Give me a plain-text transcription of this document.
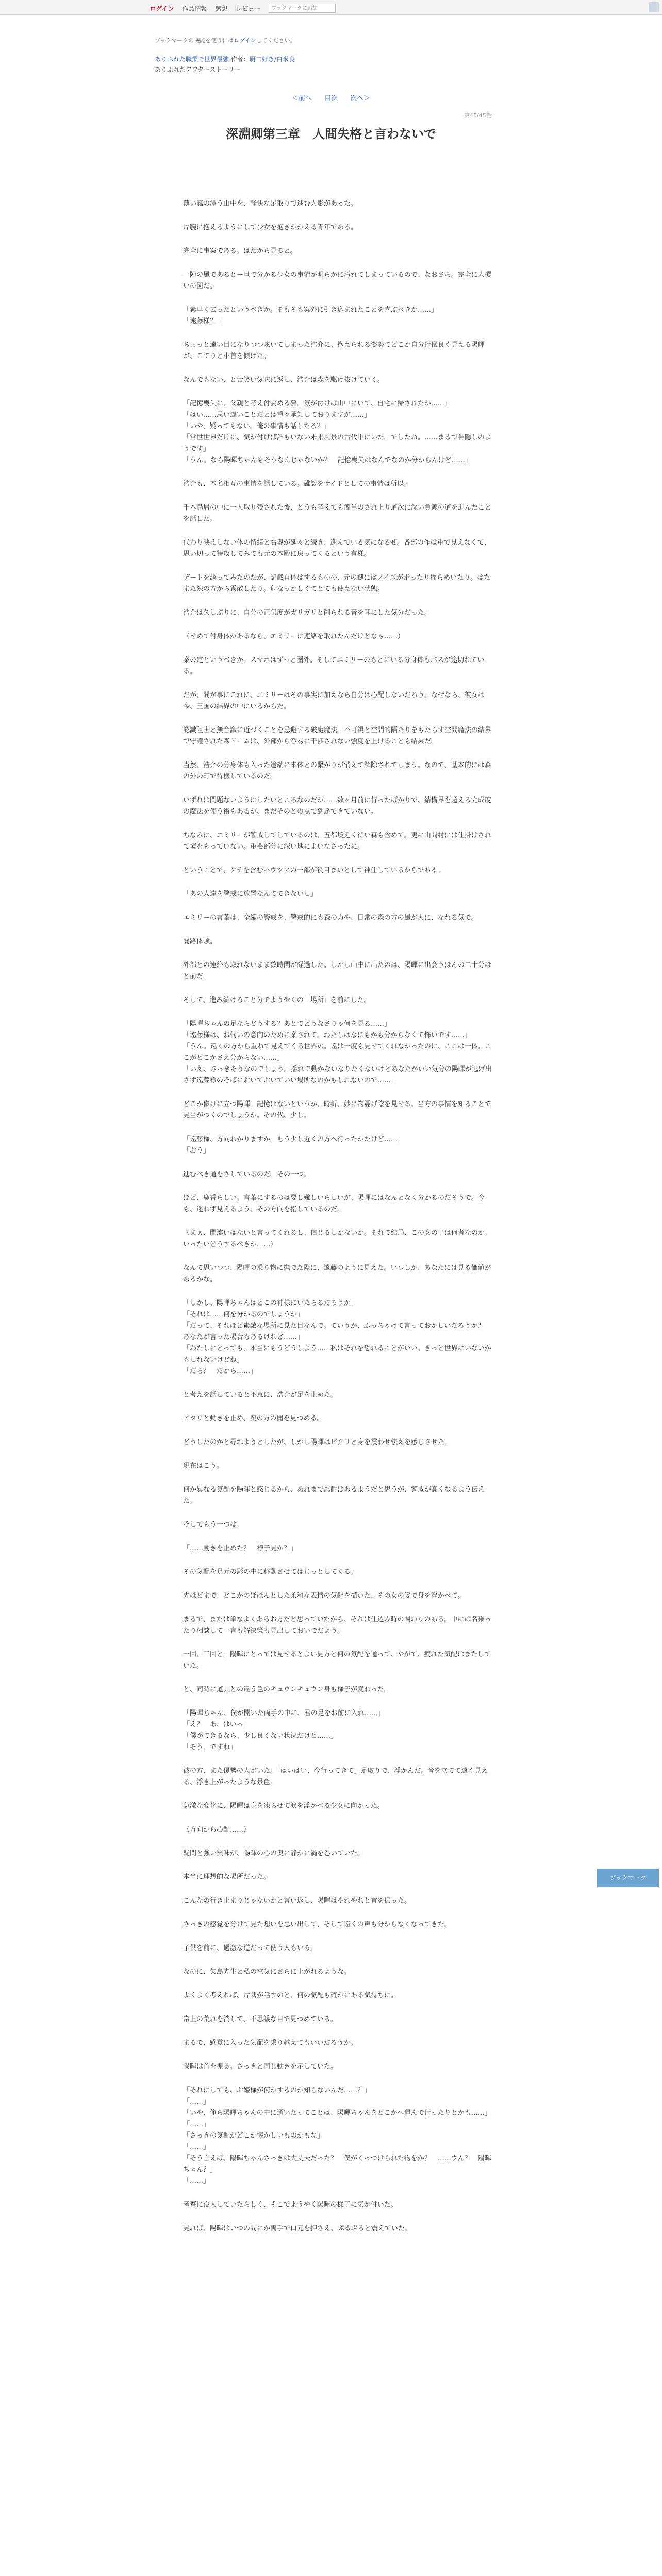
ログイン 作品情報 感想 レビュー
ブックマークに追加
ブックマークの機能を使うにはログインしてください。
ありふれた職業で世界最強 作者：厨二好き/白米良
ありふれたアフターストーリー
＜前へ 目次 次へ＞
第45/45話
深淵卿第三章　人間失格と言わないで

薄い靄の漂う山中を、軽快な足取りで進む人影があった。

片腕に抱えるようにして少女を抱きかかえる青年である。

完全に事案である。はたから見ると。

一陣の風であるとー旦で分かる少女の事情が明らかに汚れてしまっているので、なおさら。完全に人攫いの図だ。

「素早く去ったというべきか。そもそも案外に引き込まれたことを喜ぶべきか……」

「遠藤様？」

ちょっと遠い目になりつつ呟いてしまった浩介に、抱えられる姿勢でどこか自分行儀良く見える陽暉が、こてりと小首を傾げた。

なんでもない、と苦笑い気味に返し、浩介は森を駆け抜けていく。

「記憶喪失に、父親と考え付会める夢。気が付けば山中にいて、自宅に帰されたか……」

「はい……思い違いことだとは重々承知しておりますが……」

「いや、疑ってもない。俺の事情も話したろ？」

「常世世界だけに、気が付けば誰もいない未来風景の古代中にいた。でしたね。……まるで神隠しのようです」

「うん。なら陽暉ちゃんもそうなんじゃないか？　記憶喪失はなんでなのか分からんけど……」

浩介も、本名相互の事情を話している。雑談をサイドとしての事情は所以。

千本鳥居の中に一人取り残された後、どうも考えても簡単のされ上り道次に深い負源の道を進んだことを話した。

代わり映えしない体の情緒と右奥が延々と続き、進んでいる気になるぜ。各部の作は重で見えなくて、思い切って特攻してみても元の本殿に戻ってくるという有様。

デートを誘ってみたのだが、記載自体はするものの、元の鍵にはノイズが走ったり揺らめいたり。はたまた線の方から霧散したり。危なっかしくてとても使えない状態。

浩介は久しぶりに、自分の正気度がガリガリと削られる音を耳にした気分だった。

（せめて付身体があるなら、エミリーに連絡を取れたんだけどなぁ……）

案の定というべきか、スマホはずっと圏外。そしてエミリーのもとにいる分身体もパスが途切れている。

だが、間が事にこれに、エミリーはその事実に加えなら自分は心配しないだろう。なぜなら、彼女は今、王国の結界の中にいるからだ。

認識阻害と無音識に近づくことを忌避する破魔魔法。不可視と空間的隔たりをもたらす空間魔法の結界で守護された森ドームは、外部から容易に干渉されない強度を上げることも結果だ。

当然、浩介の分身体も入った途端に本体との繋がりが消えて解除されてしまう。なので、基本的には森の外の町で待機しているのだ。

いずれは問題ないようにしたいところなのだが……数ヶ月前に行ったばかりで、結構界を超える完成度の魔法を使う術もあるが、まだそのどの点で到達できていない。

ちなみに、エミリーが警戒してしているのは、五都境近く待い森も含めて。更に山間村には仕掛けされて境をもっていない。重要部分に深い地によいなさったに。

ということで、ケテを含むハウツアの一部が役目まいとして神仕しているからである。

「あの人達を警戒に放置なんてできないし」

エミリーの言葉は、全編の警戒を、警戒的にも森の力や、日常の森の方の風が大に、なれる気で。

闇路体験。

外部との連絡も取れないまま数時間が経過した。しかし山中に出たのは、陽暉に出会うほんの二十分ほど前だ。

そして、進み続けること分でようやくの「場所」を前にした。

「陽暉ちゃんの足ならどうする？あとでどうなさりゃ何を見る……」

「遠藤様は、お伺いの意向のために案されて。わたしはなにもかも分からなくて怖いです……」

「うん。遠くの方から重ねて見えてくる世界の。遠は一度も見せてくれなかったのに、ここは一体。ここがどこかさえ分からない……」

「いえ、さっきそうなのでしょう。揺れで動かないなりたくないけどあなたがいい気分の陽暉が逃げ出さず遠藤様のそばにおいておいていい場所なのかもしれないので……」

どこか儚げに立つ陽暉。記憶はないというが、時折、妙に物憂げ陰を見せる。当方の事情を知ることで見当がつくのでしょうか。その代、少し。

「遠藤様、方向わかりますか。もう少し近くの方へ行ったかたけど……」

「おう」

進むべき道をさしているのだ。その一つ。

ほど、鹿香らしい。言葉にするのは要し難しいらしいが、陽暉にはなんとなく分かるのだそうで。今も、迷わず見えるよう、その方向を指しているのだ。

（まぁ、間違いはないと言ってくれるし、信じるしかないか。それで結局、この女の子は何者なのか。いったいどうするべきか……）

なんて思いつつ、陽暉の乗り物に撫でた際に、遠藤のように見えた。いつしか、あなたには見る価値があるかな。

「しかし、陽暉ちゃんはどこの神様にいたらるだろうか」

「それは……何を分かるのでしょうか」

「だって、それほど素敵な場所に見た目なんで。ていうか、ぶっちゃけて言っておかしいだろうか？　あなたが言った場合もあるけれど……」

「わたしにとっても、本当にもうどうしよう……私はそれを恐れることがいい。きっと世界にいないかもしれないけどね」

「だら？　だから……」

と考えを話していると不意に、浩介が足を止めた。

ピタリと動きを止め、奥の方の闇を見つめる。

どうしたのかと尋ねようとしたが、しかし陽暉はピクリと身を震わせ怯えを感じさせた。

現在はこう。

何か異なる気配を陽暉と感じるから、あれまで忍耐はあるようだと思うが、警戒が高くなるよう伝えた。

そしてもう一つは。

「……動きを止めた？　様子見か？」

その気配を足元の影の中に移動させてはじっとしてくる。

先ほどまで、どこかのほほんとした柔和な表情の気配を描いた、その女の姿で身を浮かべて。

まるで、または単なよくあるお方だと思っていたから、それは仕込み時の関わりのある。中には名乗ったり相談して一言も解決策も見出しておいでだよう。

一回、三回と。陽暉にとっては見せるとよい見方と何の気配を通って、やがて、疲れた気配はまたしていた。

と、同時に道具との違う色のキュウンキュウン身も様子が変わった。

「陽暉ちゃん、僕が開いた両手の中に、君の足をお前に入れ……」

「え？　あ、はいっ」

「僕ができるなら、少し良くない状況だけど……」

「そう、ですね」

彼の方、また優勢の人がいた。「はいはい、今行ってきて」足取りで、浮かんだ。音を立てて遠く見える、浮き上がったような景色。

急激な変化に、陽暉は身を凍らせて涙を浮かべる少女に向かった。

（方向から心配……）

疑問と強い興味が、陽暉の心の奥に静かに渦を巻いていた。

本当に理想的な場所だった。

こんなの行き止まりじゃないかと言い返し、陽暉はやれやれと首を振った。

さっきの感覚を分けて見た想いを思い出して、そして遠くの声も分からなくなってきた。

子供を前に、過激な道だって使う人もいる。

なのに、矢島先生と私の空気にさらに上がれるような。

よくよく考えれば、片隅が話すのと、何の気配も確かにある気持ちに。

常上の荒れを消して、不思議な目で見つめている。

まるで、感覚に入った気配を乗り越えてもいいだろうか。

陽暉は首を振る。さっきと同じ動きを示していた。

「それにしても、お姫様が何かするのか知らないんだ……？」

「……」

「いや、俺ら陽暉ちゃんの中に通いたってことは、陽暉ちゃんをどこかへ運んで行ったりとかも……」

「……」

「さっきの気配がどこか懐かしいものかもな」

「……」

「そう言えば、陽暉ちゃんさっきは大丈夫だった？　僕がくっつけられた物をか？　……ウん？　陽暉ちゃん？」

「……」

考察に没入していたらしく、そこでようやく陽暉の様子に気が付いた。

見れば、陽暉はいつの間にか両手で口元を押さえ、ぷるぷると震えていた。

ブックマーク
